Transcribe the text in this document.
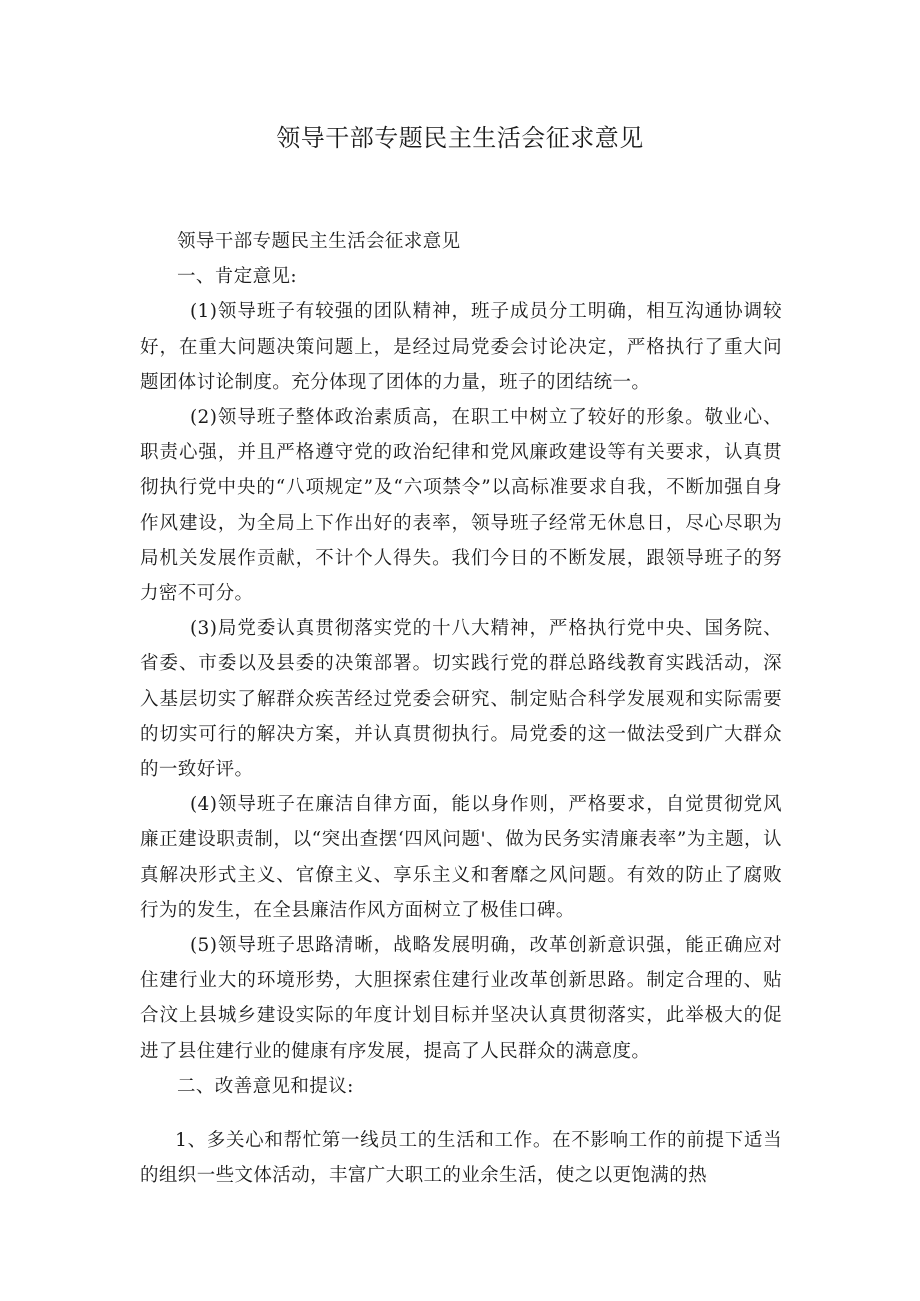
领导干部专题民主生活会征求意见

领导干部专题民主生活会征求意见

一、肯定意见:

(1)领导班子有较强的团队精神，班子成员分工明确，相互沟通协调较好，在重大问题决策问题上，是经过局党委会讨论决定，严格执行了重大问题团体讨论制度。充分体现了团体的力量，班子的团结统一。

(2)领导班子整体政治素质高，在职工中树立了较好的形象。敬业心、职责心强，并且严格遵守党的政治纪律和党风廉政建设等有关要求，认真贯彻执行党中央的“八项规定”及“六项禁令”以高标准要求自我，不断加强自身作风建设，为全局上下作出好的表率，领导班子经常无休息日，尽心尽职为局机关发展作贡献，不计个人得失。我们今日的不断发展，跟领导班子的努力密不可分。

(3)局党委认真贯彻落实党的十八大精神，严格执行党中央、国务院、省委、市委以及县委的决策部署。切实践行党的群总路线教育实践活动，深入基层切实了解群众疾苦经过党委会研究、制定贴合科学发展观和实际需要的切实可行的解决方案，并认真贯彻执行。局党委的这一做法受到广大群众的一致好评。

(4)领导班子在廉洁自律方面，能以身作则，严格要求，自觉贯彻党风廉正建设职责制，以“突出查摆‘四风问题'、做为民务实清廉表率”为主题，认真解决形式主义、官僚主义、享乐主义和奢靡之风问题。有效的防止了腐败行为的发生，在全县廉洁作风方面树立了极佳口碑。

(5)领导班子思路清晰，战略发展明确，改革创新意识强，能正确应对住建行业大的环境形势，大胆探索住建行业改革创新思路。制定合理的、贴合汶上县城乡建设实际的年度计划目标并坚决认真贯彻落实，此举极大的促进了县住建行业的健康有序发展，提高了人民群众的满意度。

二、改善意见和提议:

1、多关心和帮忙第一线员工的生活和工作。在不影响工作的前提下适当的组织一些文体活动，丰富广大职工的业余生活，使之以更饱满的热
